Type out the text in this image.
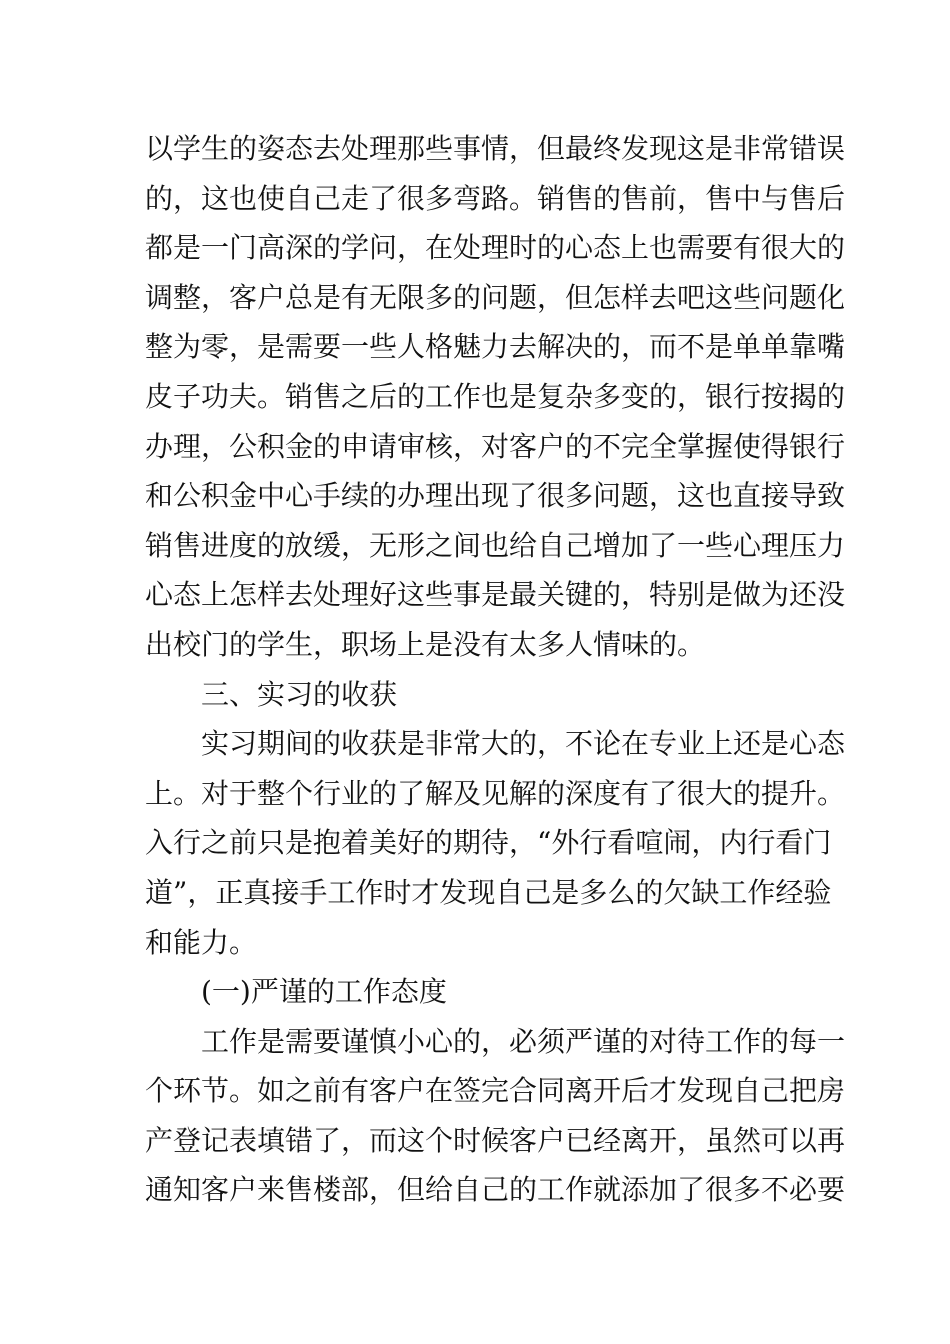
以学生的姿态去处理那些事情，但最终发现这是非常错误
的，这也使自己走了很多弯路。销售的售前，售中与售后
都是一门高深的学问，在处理时的心态上也需要有很大的
调整，客户总是有无限多的问题，但怎样去吧这些问题化
整为零，是需要一些人格魅力去解决的，而不是单单靠嘴
皮子功夫。销售之后的工作也是复杂多变的，银行按揭的
办理，公积金的申请审核，对客户的不完全掌握使得银行
和公积金中心手续的办理出现了很多问题，这也直接导致
销售进度的放缓，无形之间也给自己增加了一些心理压力
心态上怎样去处理好这些事是最关键的，特别是做为还没
出校门的学生，职场上是没有太多人情味的。
三、实习的收获
实习期间的收获是非常大的，不论在专业上还是心态
上。对于整个行业的了解及见解的深度有了很大的提升。
入行之前只是抱着美好的期待，“外行看喧闹，内行看门
道”，正真接手工作时才发现自己是多么的欠缺工作经验
和能力。
(一)严谨的工作态度
工作是需要谨慎小心的，必须严谨的对待工作的每一
个环节。如之前有客户在签完合同离开后才发现自己把房
产登记表填错了，而这个时候客户已经离开，虽然可以再
通知客户来售楼部，但给自己的工作就添加了很多不必要
